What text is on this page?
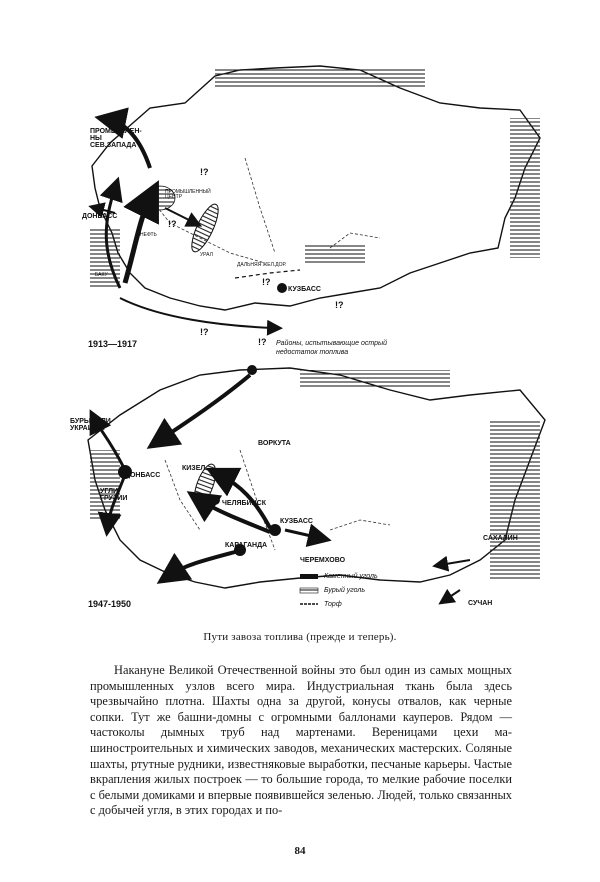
ПРОМЫШЛЕН-НЫ СЕВ.ЗАПАДА
ПРОМЫШЛЕННЫЙ ЦЕНТР
ДОНБАСС
УРАЛ
ДАЛЬНЯЯ ЖЕЛ.ДОР.
НЕФТЬ
БАКУ
КУЗБАСС
!?
!?
!?
!?
!?
1913—1917	!? Районы, испытывающие острый недостаток топлива
БУРЫ УГЛИ УКРАИНЫ
ДОНБАСС
УГЛИ ГРУЗИИ
ВОРКУТА
КИЗЕЛ
ЧЕЛЯБИНСК
КУЗБАСС
КАРАГАНДА
ЧЕРЕМХОВО
САХАЛИН
СУЧАН
1947-1950
Каменный уголь
Бурый уголь
Торф
Пути завоза топлива (прежде и теперь).

Накануне Великой Отечественной войны это был один из самых мощных промышленных узлов всего мира. Индустриальная ткань была здесь чрезвычайно плотна. Шахты одна за другой, конусы отвалов, как черные сопки. Тут же башни-домны с огромными баллонами кауперов. Рядом — частоколы дымных труб над мартенами. Вереницами цехи ма-шиностроительных и химических заводов, механических мастерских. Соляные шахты, ртутные рудники, известняковые выработки, песчаные карьеры. Частые вкрапления жилых построек — то большие города, то мелкие рабочие поселки с белыми домиками и впервые появившейся зеленью. Людей, только связанных с добычей угля, в этих городах и по-

84
